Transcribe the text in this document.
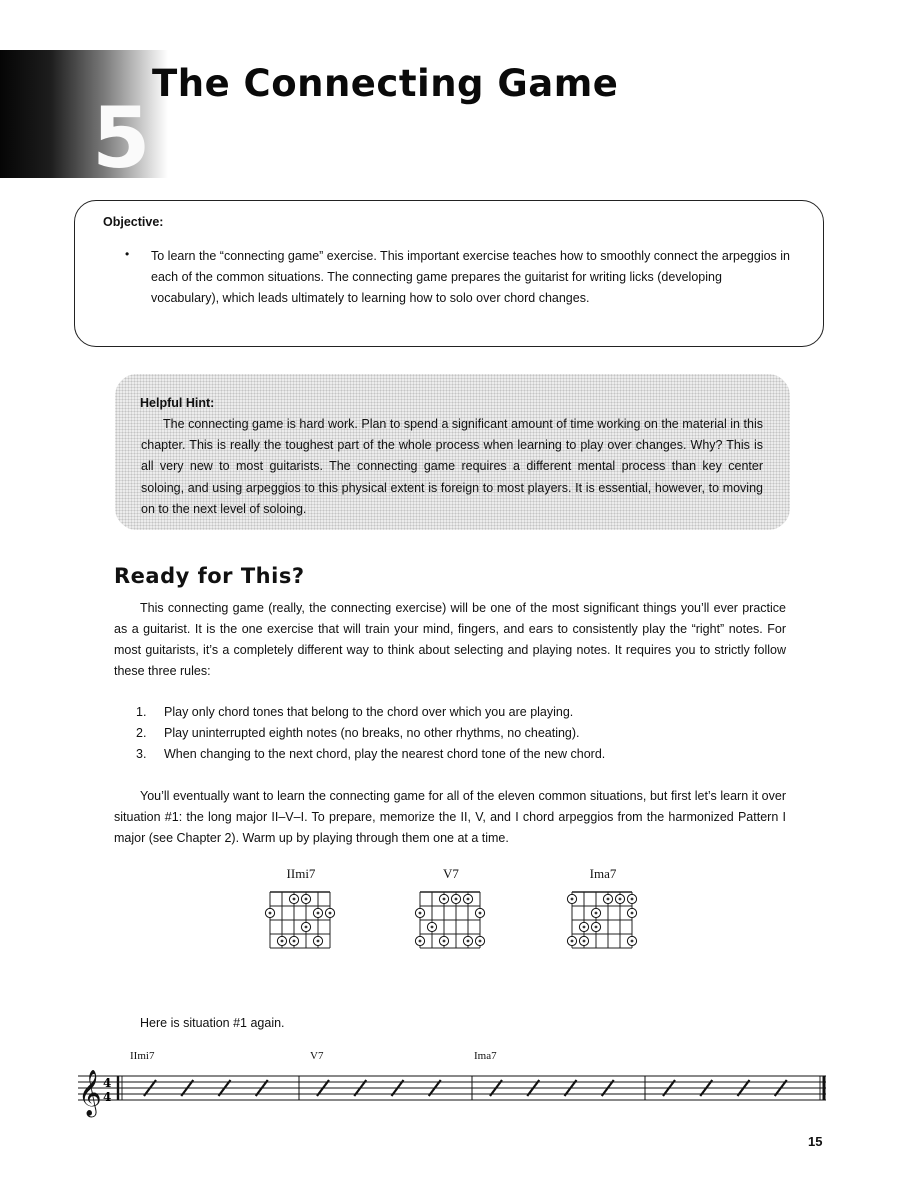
5
The Connecting Game
Objective:
• To learn the “connecting game” exercise. This important exercise teaches how to smoothly connect the arpeggios in each of the common situations. The connecting game prepares the guitarist for writing licks (developing vocabulary), which leads ultimately to learning how to solo over chord changes.
Helpful Hint:
The connecting game is hard work. Plan to spend a significant amount of time working on the material in this chapter. This is really the toughest part of the whole process when learning to play over changes. Why? This is all very new to most guitarists. The connecting game requires a different mental process than key center soloing, and using arpeggios to this physical extent is foreign to most players. It is essential, however, to moving on to the next level of soloing.
Ready for This?
This connecting game (really, the connecting exercise) will be one of the most significant things you’ll ever practice as a guitarist. It is the one exercise that will train your mind, fingers, and ears to consistently play the “right” notes. For most guitarists, it’s a completely different way to think about selecting and playing notes. It requires you to strictly follow these three rules:
1. Play only chord tones that belong to the chord over which you are playing.
2. Play uninterrupted eighth notes (no breaks, no other rhythms, no cheating).
3. When changing to the next chord, play the nearest chord tone of the new chord.
You’ll eventually want to learn the connecting game for all of the eleven common situations, but first let’s learn it over situation #1: the long major II–V–I. To prepare, memorize the II, V, and I chord arpeggios from the harmonized Pattern I major (see Chapter 2). Warm up by playing through them one at a time.
IImi7	V7	Ima7
Here is situation #1 again.
IImi7	V7	Ima7
𝄞 4
4
15
